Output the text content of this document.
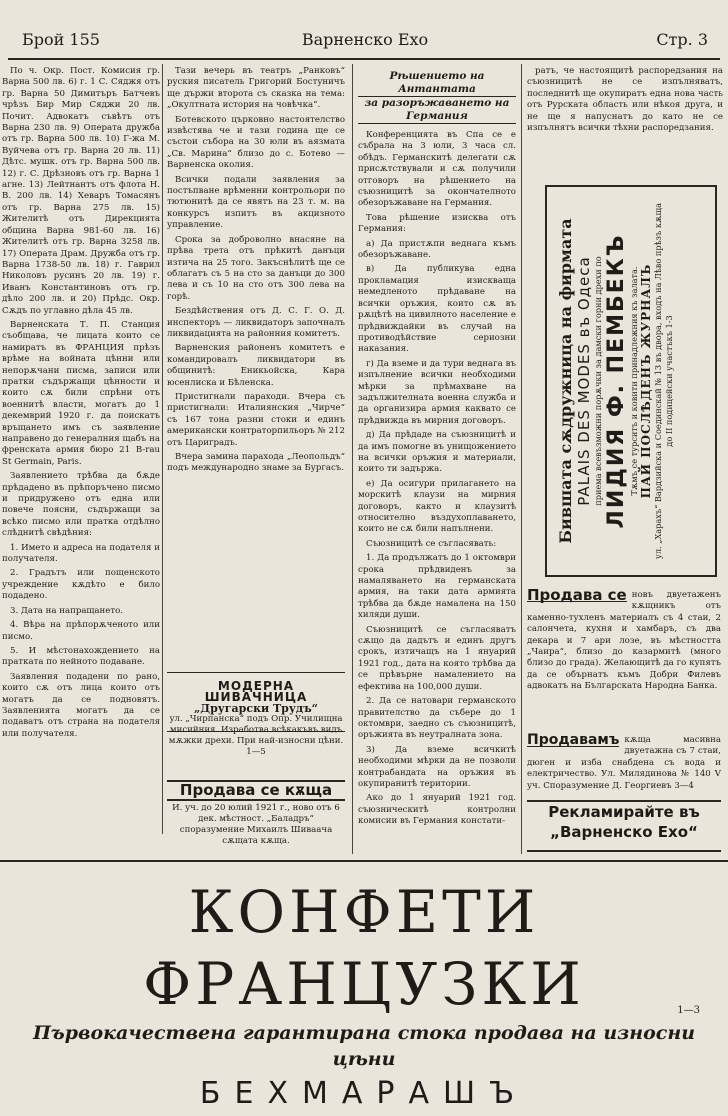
Брой 155	Варненско Ехо	Стр. 3

По ч. Окр. Пост. Комисия гр. Варна 500 лв. 6) г. 1 С. Сяджя отъ гр. Варна 50 Димитъръ Батчевъ чрѣзъ Бир Мир Сяджи 20 лв. Почит. Адвокатъ съвѣтъ отъ Варна 230 лв. 9) Операта дружба отъ гр. Варна 500 лв. 10) Г-жа М. Вуйчева отъ гр. Варна 20 лв. 11) Дѣтс. мушк. отъ гр. Варна 500 лв. 12) г. С. Дрѣзновъ отъ гр. Варна 1 агне. 13) Лейтнантъ отъ флота Н. В. 200 лв. 14) Хеваръ Томасянъ отъ гр. Варна 275 лв. 15) Жителитѣ отъ Дирекцията община Варна 981-60 лв. 16) Жителитѣ отъ гр. Варна 3258 лв. 17) Операта Драм. Дружба отъ гр. Варна 1738-50 лв. 18) г. Гаврил Николовъ русинъ 20 лв. 19) г. Иванъ Константиновъ отъ гр. дѣло 200 лв. и 20) Прѣдс. Окр. Сѫдъ по углавно дѣла 45 лв.

Варненската Т. П. Станция съобщава, че лицата които се намиратъ въ ФРАНЦИЯ прѣзъ врѣме на войната цѣнни или непорѫчани писма, записи или пратки съдържащи цѣнности и които сѫ били спрѣни отъ военнитѣ власти, могатъ до 1 декемврий 1920 г. да поискатъ връщането имъ съ заявление направено до генералния щабъ на френската армия бюро 21 B-rau St Germain, Paris.

Заявлението трѣбва да бѫде прѣдадено въ прѣпоръчено писмо и придружено отъ една или повече поясни, съдържащи за всѣко писмо или пратка отдѣлно слѣднитѣ свѣдѣния:

1. Името и адреса на подателя и получателя.

2. Градътъ или пощенското учреждение кѫдѣто е било подадено.

3. Дата на напращането.

4. Вѣра на прѣпорѫченото или писмо.

5. И мѣстонахождението на пратката по нейното подаване.

Заявления подадени по рано, които сѫ отъ лица които отъ могатъ да се подновятъ. Заявленията могатъ да се подаватъ отъ страна на подателя или получателя.

Тази вечерь въ театръ „Ранковъ“ руския писатель Григорий Бостуничъ ще държи второта съ сказка на тема: „Окултната история на човѣчка“.

Ботевското църковно настоятелство извѣстява че и тази година ще се състои събора на 30 юли въ аязмата „Св. Марина“ близо до с. Ботево — Варненска околия.

Всички подали заявления за постъпване врѣменни контрольори по тютюнитѣ да се явятъ на 23 т. м. на конкурсъ изпитъ въ акцизното управление.

Срока за доброволно внасяне на прѣва трета отъ прѣкитѣ данъци изтича на 25 того. Закъснѣлитѣ ще се облагатъ съ 5 на сто за данъци до 300 лева и съ 10 на сто отъ 300 лева на горѣ.

Бездѣйствения отъ Д. С. Г. О. Д. инспекторъ — ликвидаторъ започналъ ликвидацията на районния комитетъ.

Варненския районенъ комитетъ е командировалъ ликвидатори въ общинитѣ: Еникьойска, Кара юсенлиска и Бѣленска.

Пристигнали параходи. Вчера съ пристигнали: Италиянския „Чирче“ съ 167 тона разни стоки и единъ американски контраторпильоръ № 212 отъ Цариградъ.

Вчера замина парахода „Леопольдъ“ подъ международно знаме за Бургасъ.

МОДЕРНА ШИВАЧНИЦА
„Другарски Трудъ“
ул. „Чирпанска“ подъ Опр. Училищна мисийния. Изработва всѣкакъвъ видъ мѫжки дрехи. При най-износни цѣни. 1—5
Продава се кѫща
И. уч. до 20 юлий 1921 г., ново отъ 6 дек. мѣстност. „Баладръ“ споразумение Михаилъ Шиваача сѫщата кѫща.
Рѣшението на Антантата
за разоръжаването на Германия

Конференцията въ Спа се е събрала на 3 юли, 3 часа сл. обѣдъ. Германскитѣ делегати сѫ присѫтствували и сѫ получили отговоръ на рѣшението на съюзницитѣ за окончателното обезоръжаване на Германия.

Това рѣшение изисква отъ Германия:

а) Да пристѫпи веднага къмъ обезоръжаване.

в) Да публикува една прокламация изискваща немедленото прѣдаване на всички оръжия, които сѫ въ рѫцѣтѣ на цивилното население е прѣдвиждайки въ случай на противодѣйствие сериозни наказания.

г) Да вземе и да тури веднага въ изпълнение всички необходими мѣрки за прѣмахване на задължителната военна служба и да организира армия каквато се прѣдвижда въ мирния договоръ.

д) Да прѣдаде на съюзницитѣ и да имъ помогне въ унищожението на всички оръжия и материали, които ти задържа.

е) Да осигури прилагането на морскитѣ клаузи на мирния договоръ, както и клаузитѣ относително въздухоплаването, които не сѫ били напълнени.

Съюзницитѣ се съгласявать:

1. Да продължатъ до 1 октомври срока прѣдвиденъ за намаляването на германската армия, на таки дата армията трѣбва да бѫде намалена на 150 хиляди души.

Съюзницитѣ се съгласяватъ сѫщо да дадътъ и единъ другъ срокъ, изтичащъ на 1 януарий 1921 год., дата на която трѣбва да се прѣвърне намалението на ефектива на 100,000 души.

2. Да се натовари германското правителство да събере до 1 октомври, заедно съ съюзницитѣ, оръжията въ неутралната зона.

3) Да вземе всичкитѣ необходими мѣрки да не позволи контрабандата на оръжия въ окупиранитѣ територии.

Ако до 1 януарий 1921 год. съюзническитѣ контролни комисии въ Германия констати-

ратъ, че настоящитѣ распоредзания на съюзницитѣ не се изпълняватъ, последнитѣ ще окупиратъ една нова часть отъ Рурската область или нѣкоя друга, и не ще я напуснатъ до като не се изпълнятъ всички тѣхни распоредзания.

Бившата сѫдружница на фирмата PALAIS DES MODES въ Одеса приема всевъзможни порѫчки за дамски горни дрехи по ЛИДИЯ Ф. ПЕМБЕКЪ Тѫмъ се турситъ и ковити принадлежния къ залата. ПАЙ ПОСЛѢДЕНЪ ЖУРНАЛЪ ул. „Харахъ“ Вардзийска и Соединскай № 13 въ двора, входъ на Лѣво прѣзъ кѫща до II подицейски участъкъ 1-3
Продава се новъ двуетаженъ кѫщникъ отъ каменно-тухленъ материалъ съ 4 стаи, 2 салончета, кухня и хамбаръ, съ два декара и 7 ари лозе, въ мѣстността „Чаира“, близо до казармитѣ (много близо до града). Желающитѣ да го купятъ да се обърнатъ къмъ Добри Филевъ адвокатъ на Българската Народна Банка.
Продавамъ кѫща масивна двуетажна съ 7 стаи, дюген и изба снабдена съ вода и електричество. Ул. Милядинова № 140 V уч. Споразумение Д. Георгиевъ 3—4
Рекламирайте въ
„Варненско Ехо“
КОНФЕТИ ФРАНЦУЗКИ
Първокачествена гарантирана стока продава на износни цѣни
БЕХМАРАШЪ
1—3
